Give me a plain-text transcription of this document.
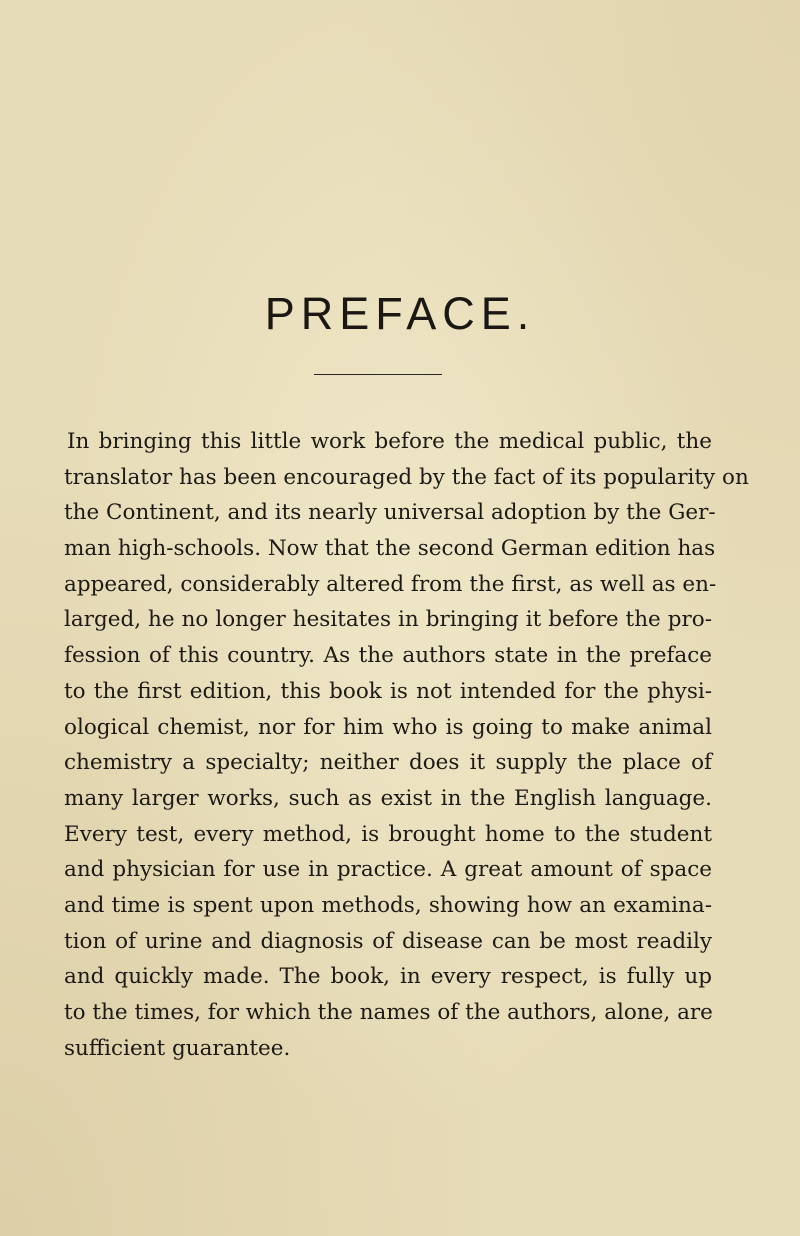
PREFACE.
In bringing this little work before the medical public, the
translator has been encouraged by the fact of its popularity on
the Continent, and its nearly universal adoption by the Ger-
man high-schools. Now that the second German edition has
appeared, considerably altered from the first, as well as en-
larged, he no longer hesitates in bringing it before the pro-
fession of this country. As the authors state in the preface
to the first edition, this book is not intended for the physi-
ological chemist, nor for him who is going to make animal
chemistry a specialty; neither does it supply the place of
many larger works, such as exist in the English language.
Every test, every method, is brought home to the student
and physician for use in practice. A great amount of space
and time is spent upon methods, showing how an examina-
tion of urine and diagnosis of disease can be most readily
and quickly made. The book, in every respect, is fully up
to the times, for which the names of the authors, alone, are
sufficient guarantee.
